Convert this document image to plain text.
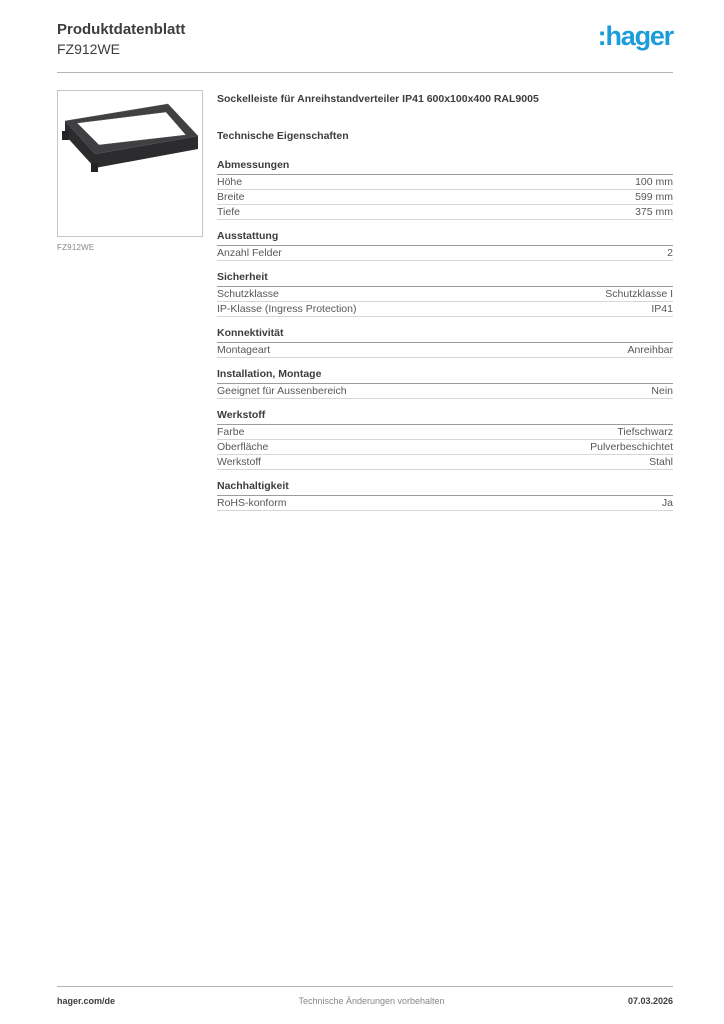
Produktdatenblatt
FZ912WE	:hager
FZ912WE
Sockelleiste für Anreihstandverteiler IP41 600x100x400 RAL9005
Technische Eigenschaften
Abmessungen
Höhe	100 mm
Breite	599 mm
Tiefe	375 mm
Ausstattung
Anzahl Felder	2
Sicherheit
Schutzklasse	Schutzklasse I
IP-Klasse (Ingress Protection)	IP41
Konnektivität
Montageart	Anreihbar
Installation, Montage
Geeignet für Aussenbereich	Nein
Werkstoff
Farbe	Tiefschwarz
Oberfläche	Pulverbeschichtet
Werkstoff	Stahl
Nachhaltigkeit
RoHS-konform	Ja
hager.com/de	Technische Änderungen vorbehalten	07.03.2026
